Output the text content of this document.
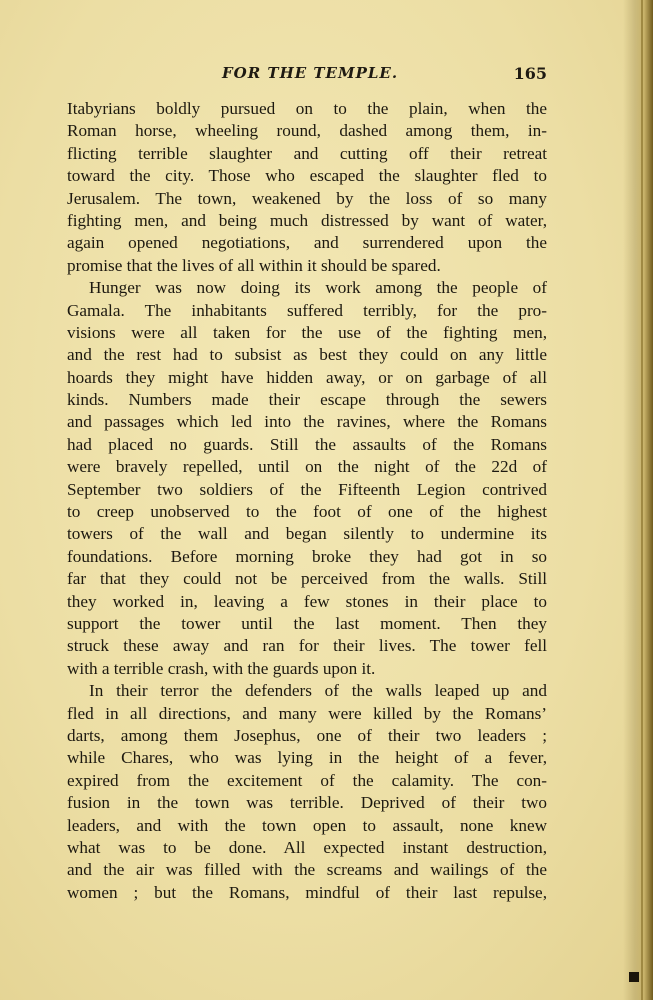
FOR THE TEMPLE.	165
Itabyrians boldly pursued on to the plain, when the
Roman horse, wheeling round, dashed among them, in-
flicting terrible slaughter and cutting off their retreat
toward the city. Those who escaped the slaughter fled to
Jerusalem. The town, weakened by the loss of so many
fighting men, and being much distressed by want of water,
again opened negotiations, and surrendered upon the
promise that the lives of all within it should be spared.
Hunger was now doing its work among the people of
Gamala. The inhabitants suffered terribly, for the pro-
visions were all taken for the use of the fighting men,
and the rest had to subsist as best they could on any little
hoards they might have hidden away, or on garbage of all
kinds. Numbers made their escape through the sewers
and passages which led into the ravines, where the Romans
had placed no guards. Still the assaults of the Romans
were bravely repelled, until on the night of the 22d of
September two soldiers of the Fifteenth Legion contrived
to creep unobserved to the foot of one of the highest
towers of the wall and began silently to undermine its
foundations. Before morning broke they had got in so
far that they could not be perceived from the walls. Still
they worked in, leaving a few stones in their place to
support the tower until the last moment. Then they
struck these away and ran for their lives. The tower fell
with a terrible crash, with the guards upon it.
In their terror the defenders of the walls leaped up and
fled in all directions, and many were killed by the Romans’
darts, among them Josephus, one of their two leaders ;
while Chares, who was lying in the height of a fever,
expired from the excitement of the calamity. The con-
fusion in the town was terrible. Deprived of their two
leaders, and with the town open to assault, none knew
what was to be done. All expected instant destruction,
and the air was filled with the screams and wailings of the
women ; but the Romans, mindful of their last repulse,
